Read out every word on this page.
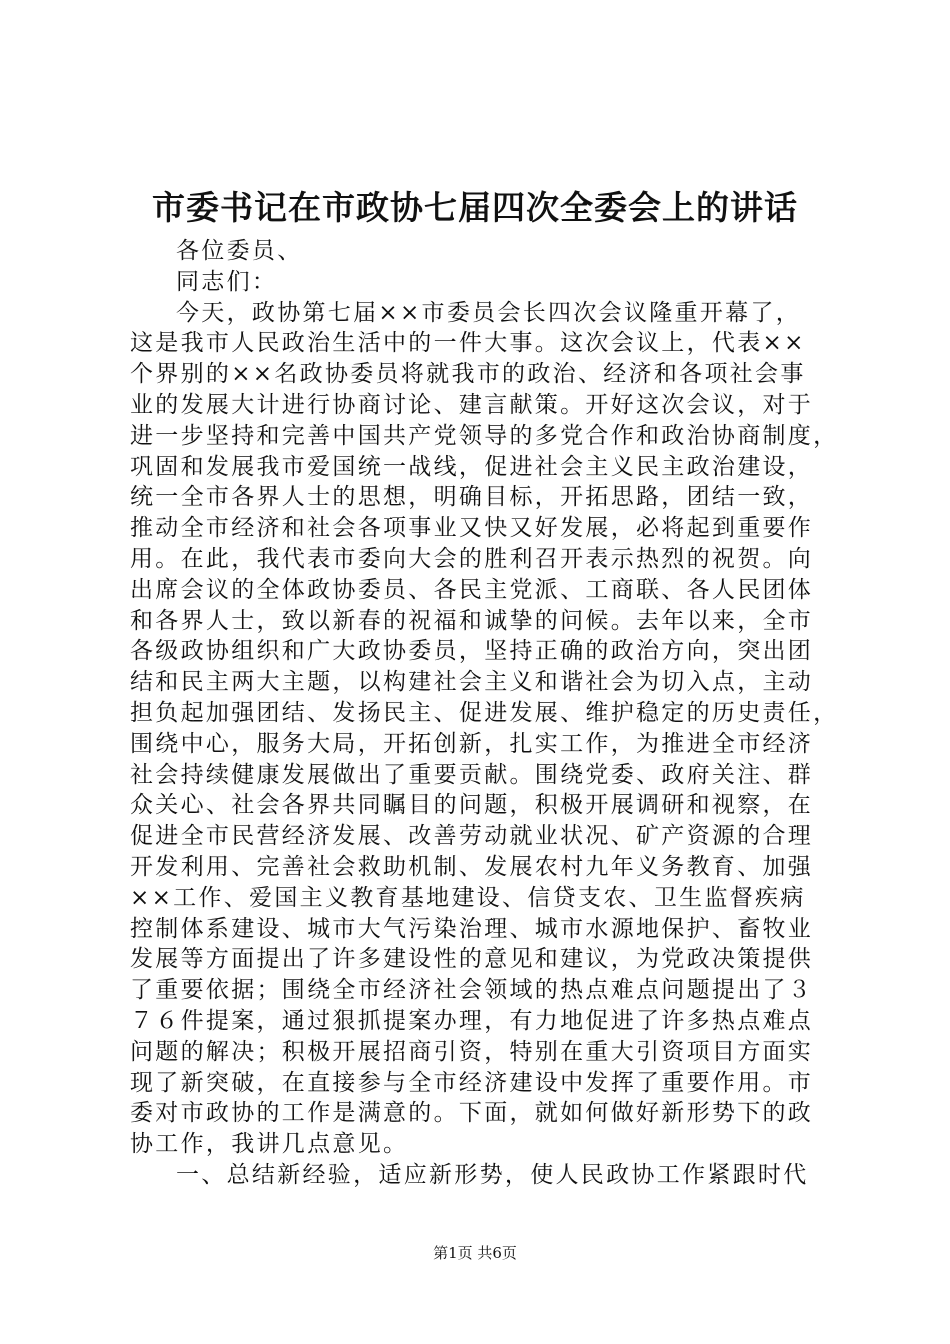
市委书记在市政协七届四次全委会上的讲话
各位委员、
同志们：
今天，政协第七届××市委员会长四次会议隆重开幕了，
这是我市人民政治生活中的一件大事。这次会议上，代表××
个界别的××名政协委员将就我市的政治、经济和各项社会事
业的发展大计进行协商讨论、建言献策。开好这次会议，对于
进一步坚持和完善中国共产党领导的多党合作和政治协商制度，
巩固和发展我市爱国统一战线，促进社会主义民主政治建设，
统一全市各界人士的思想，明确目标，开拓思路，团结一致，
推动全市经济和社会各项事业又快又好发展，必将起到重要作
用。在此，我代表市委向大会的胜利召开表示热烈的祝贺。向
出席会议的全体政协委员、各民主党派、工商联、各人民团体
和各界人士，致以新春的祝福和诚挚的问候。去年以来，全市
各级政协组织和广大政协委员，坚持正确的政治方向，突出团
结和民主两大主题，以构建社会主义和谐社会为切入点，主动
担负起加强团结、发扬民主、促进发展、维护稳定的历史责任，
围绕中心，服务大局，开拓创新，扎实工作，为推进全市经济
社会持续健康发展做出了重要贡献。围绕党委、政府关注、群
众关心、社会各界共同瞩目的问题，积极开展调研和视察，在
促进全市民营经济发展、改善劳动就业状况、矿产资源的合理
开发利用、完善社会救助机制、发展农村九年义务教育、加强
××工作、爱国主义教育基地建设、信贷支农、卫生监督疾病
控制体系建设、城市大气污染治理、城市水源地保护、畜牧业
发展等方面提出了许多建设性的意见和建议，为党政决策提供
了重要依据；围绕全市经济社会领域的热点难点问题提出了３
７６件提案，通过狠抓提案办理，有力地促进了许多热点难点
问题的解决；积极开展招商引资，特别在重大引资项目方面实
现了新突破，在直接参与全市经济建设中发挥了重要作用。市
委对市政协的工作是满意的。下面，就如何做好新形势下的政
协工作，我讲几点意见。
一、总结新经验，适应新形势，使人民政协工作紧跟时代
第1页 共6页
